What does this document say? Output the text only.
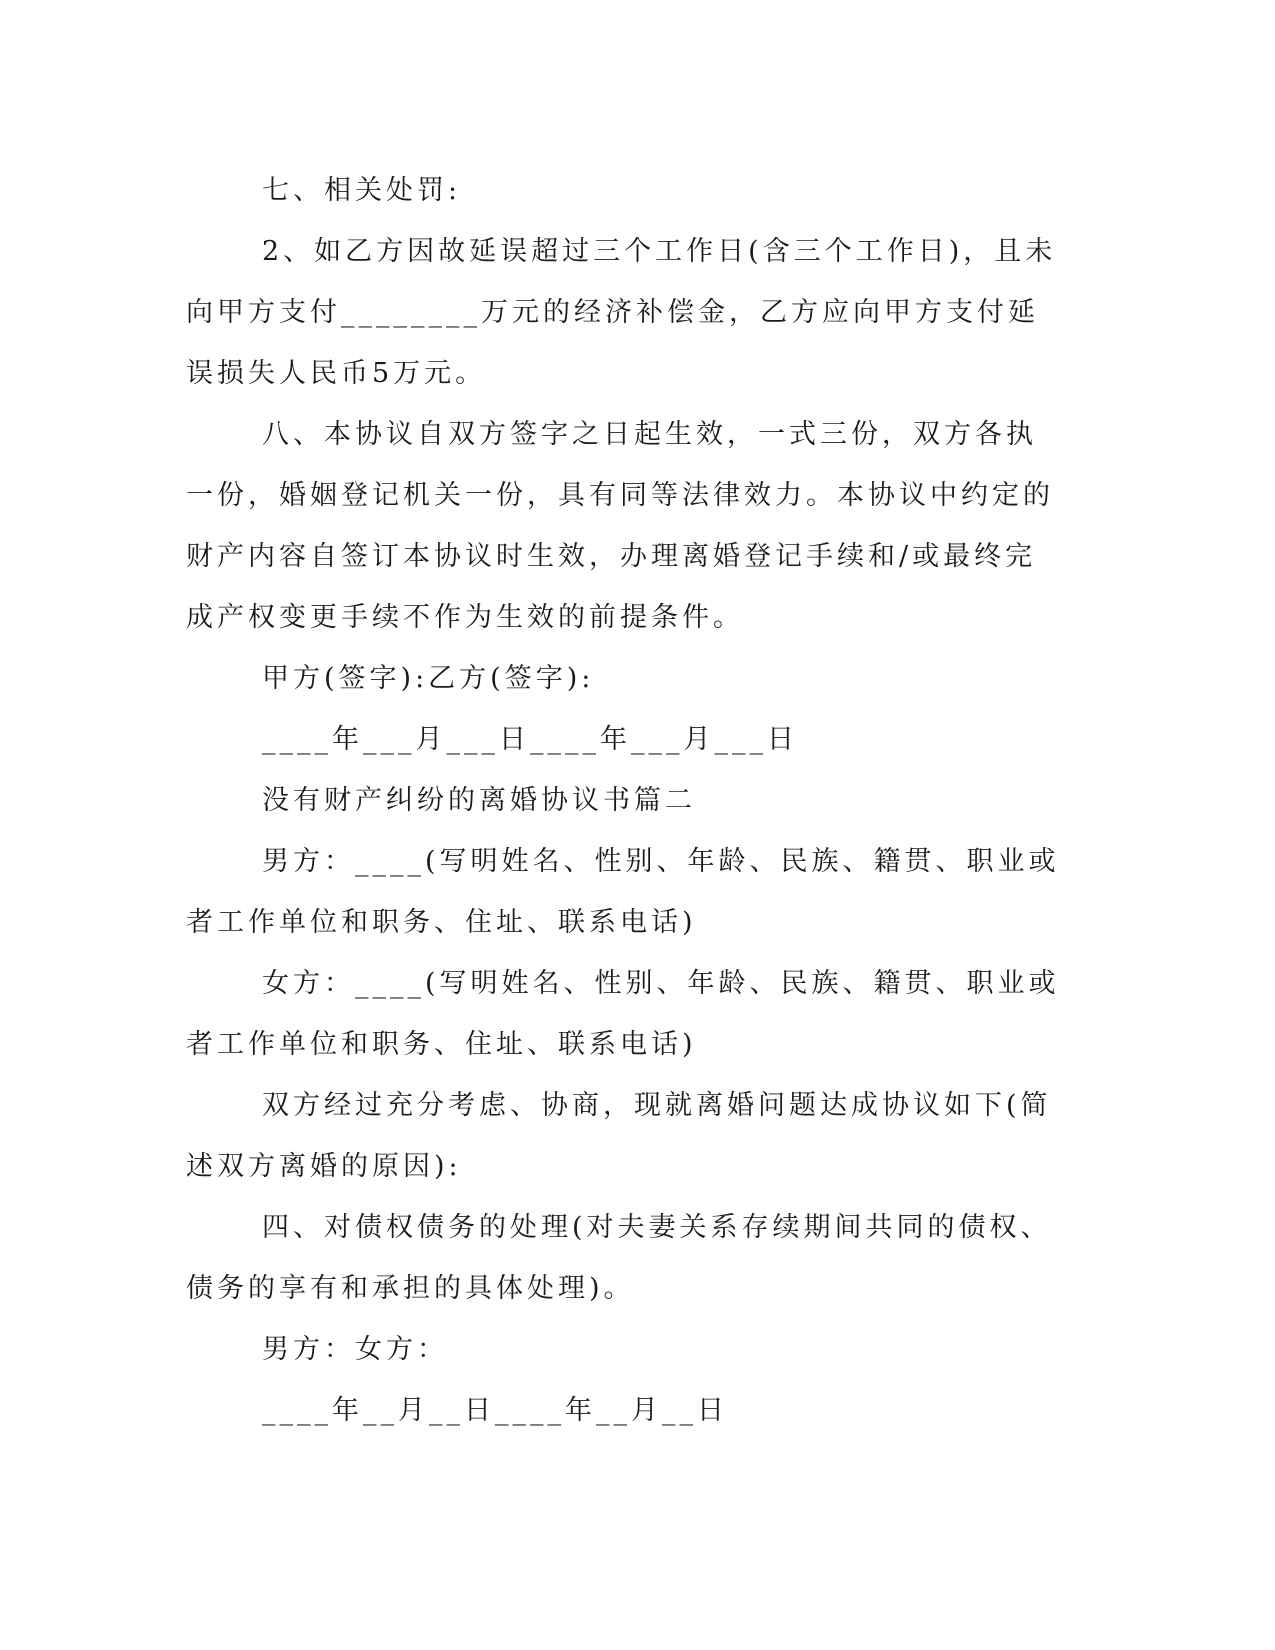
七、相关处罚:

2、如乙方因故延误超过三个工作日(含三个工作日)，且未向甲方支付________万元的经济补偿金，乙方应向甲方支付延误损失人民币5万元。

八、本协议自双方签字之日起生效，一式三份，双方各执一份，婚姻登记机关一份，具有同等法律效力。本协议中约定的财产内容自签订本协议时生效，办理离婚登记手续和/或最终完成产权变更手续不作为生效的前提条件。

甲方(签字):乙方(签字):

____年___月___日____年___月___日

没有财产纠纷的离婚协议书篇二

男方：____(写明姓名、性别、年龄、民族、籍贯、职业或者工作单位和职务、住址、联系电话)

女方：____(写明姓名、性别、年龄、民族、籍贯、职业或者工作单位和职务、住址、联系电话)

双方经过充分考虑、协商，现就离婚问题达成协议如下(简述双方离婚的原因):

四、对债权债务的处理(对夫妻关系存续期间共同的债权、债务的享有和承担的具体处理)。

男方：女方：

____年__月__日____年__月__日
